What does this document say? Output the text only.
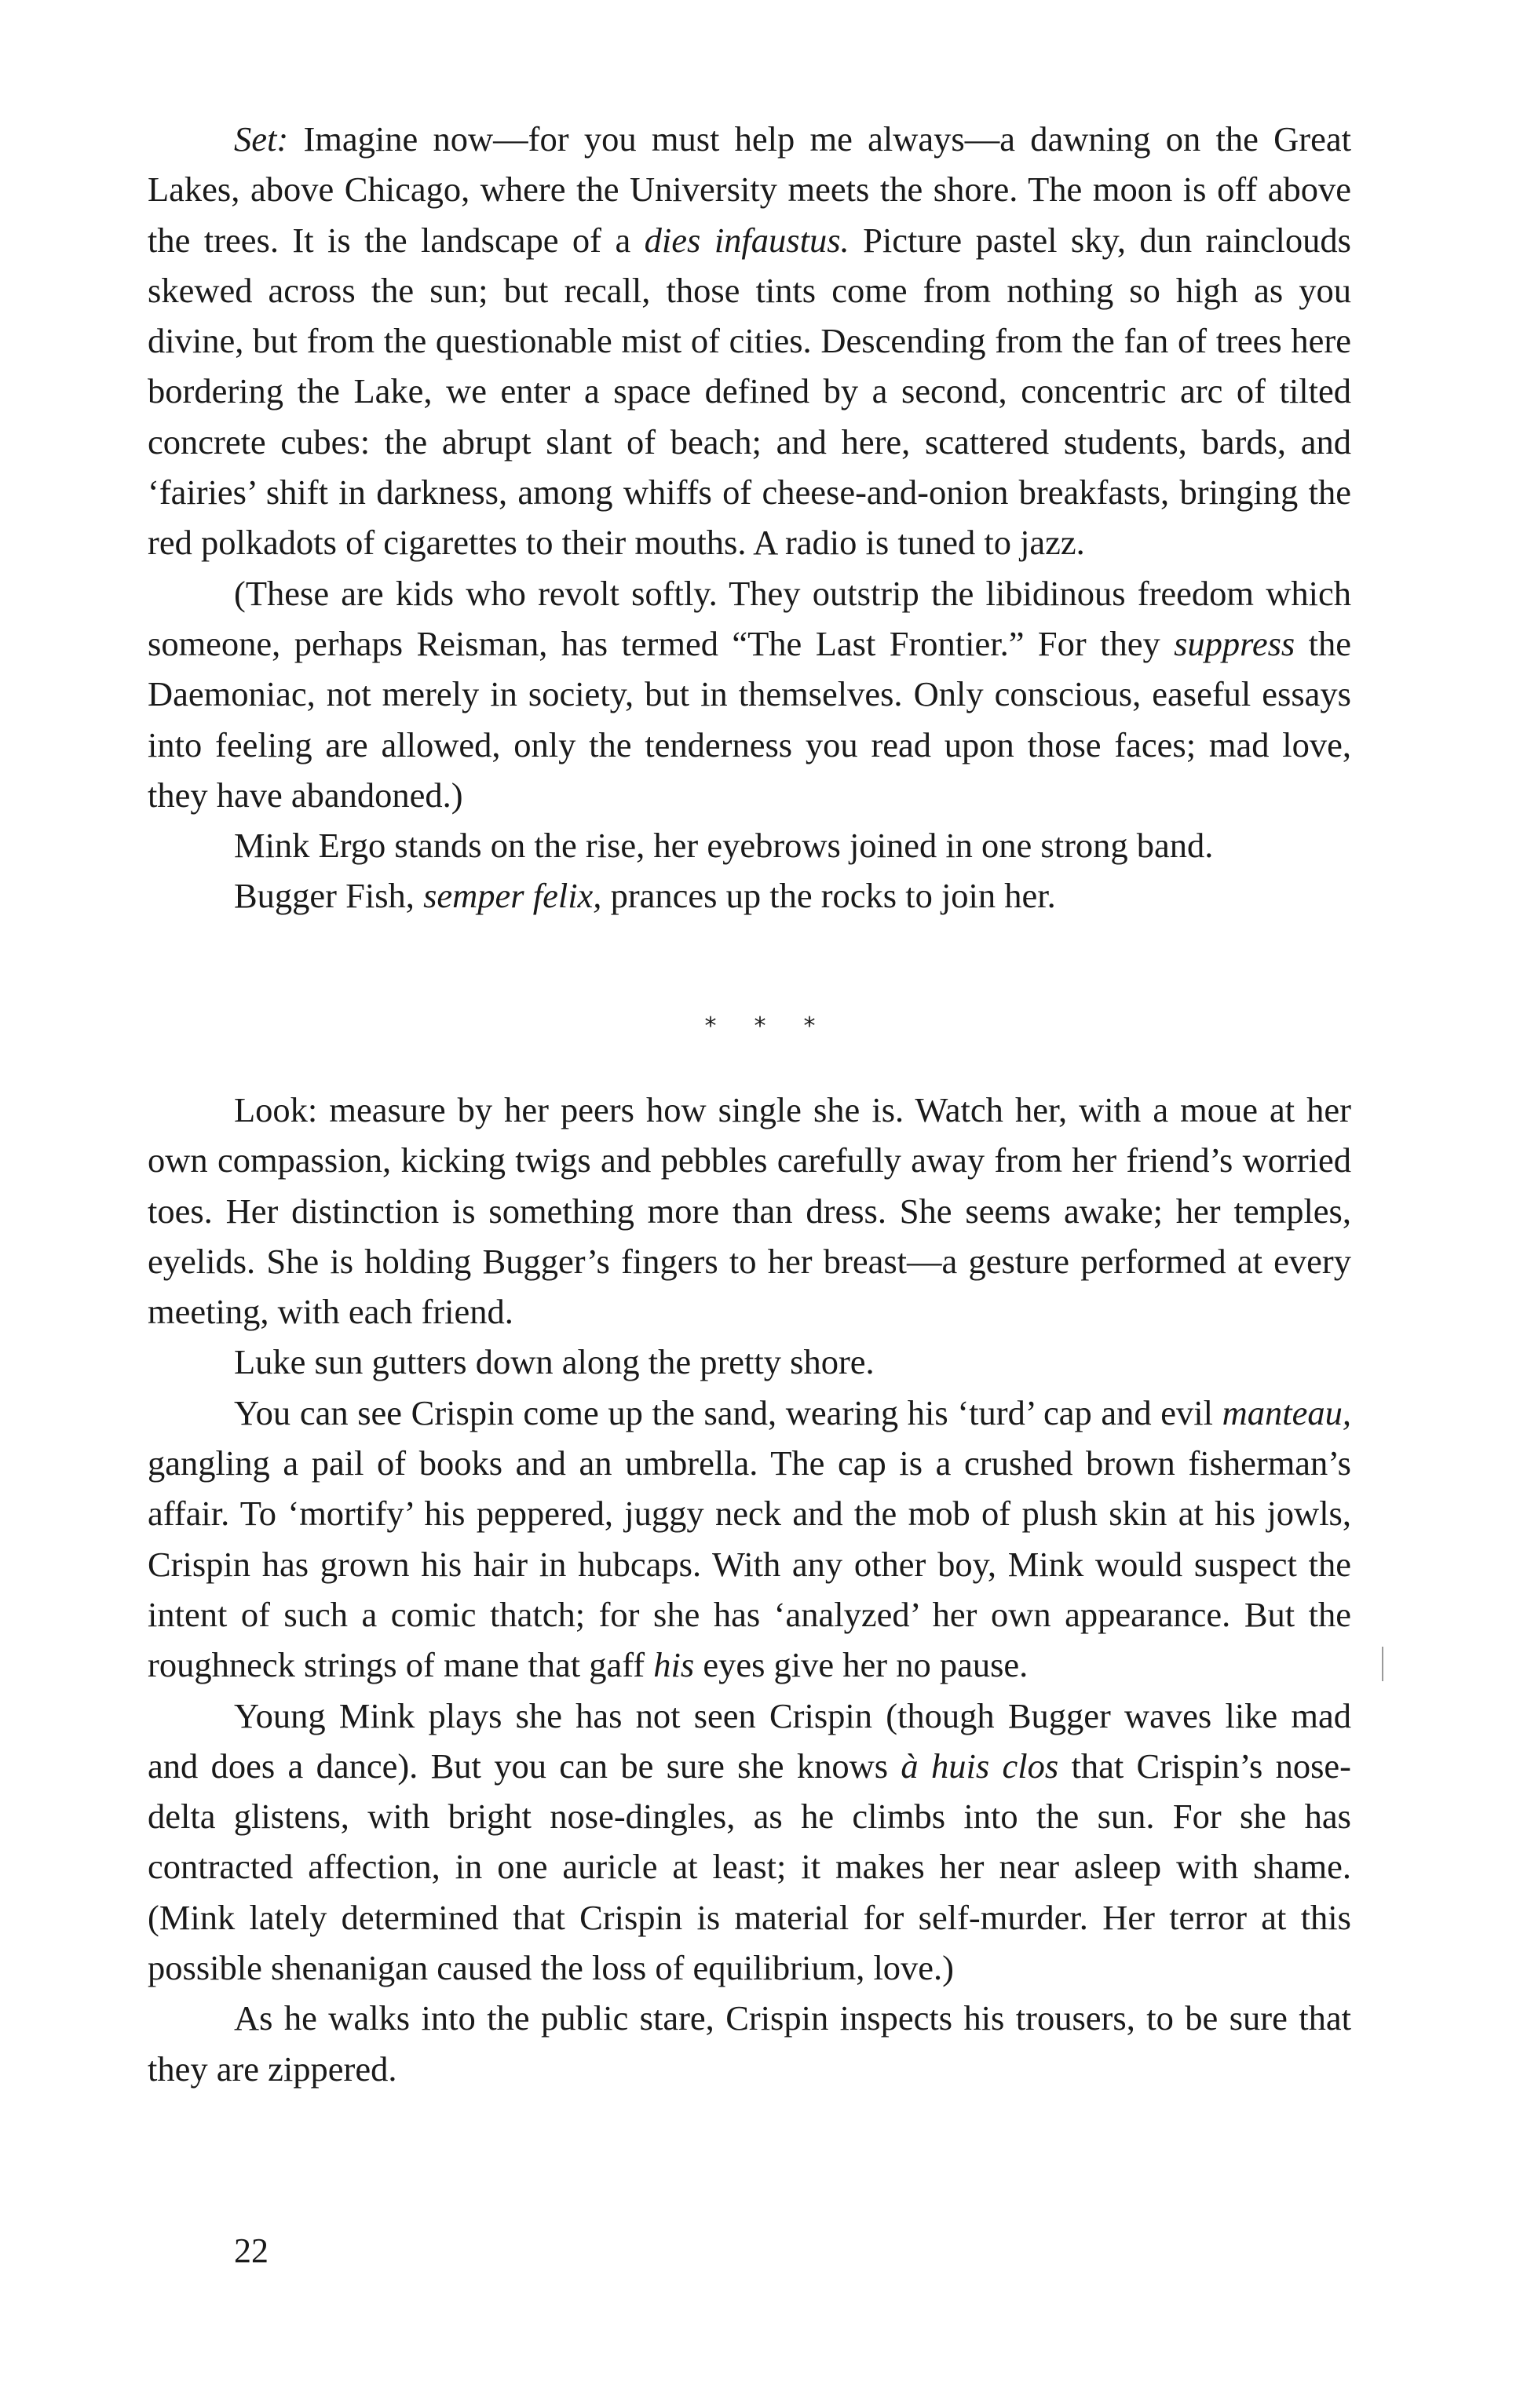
Set: Imagine now—for you must help me always—a dawning on the Great Lakes, above Chicago, where the University meets the shore. The moon is off above the trees. It is the landscape of a dies infaustus. Picture pastel sky, dun rainclouds skewed across the sun; but recall, those tints come from nothing so high as you divine, but from the questionable mist of cities. Descending from the fan of trees here bordering the Lake, we enter a space defined by a second, concentric arc of tilted concrete cubes: the abrupt slant of beach; and here, scattered students, bards, and ‘fairies’ shift in darkness, among whiffs of cheese-and-onion breakfasts, bringing the red polkadots of cigarettes to their mouths. A radio is tuned to jazz.

(These are kids who revolt softly. They outstrip the libidinous freedom which someone, perhaps Reisman, has termed “The Last Frontier.” For they suppress the Daemoniac, not merely in society, but in themselves. Only conscious, easeful essays into feeling are allowed, only the tenderness you read upon those faces; mad love, they have abandoned.)

Mink Ergo stands on the rise, her eyebrows joined in one strong band.

Bugger Fish, semper felix, prances up the rocks to join her.

* * *

Look: measure by her peers how single she is. Watch her, with a moue at her own compassion, kicking twigs and pebbles carefully away from her friend’s worried toes. Her distinction is something more than dress. She seems awake; her temples, eyelids. She is holding Bugger’s fingers to her breast—a gesture performed at every meeting, with each friend.

Luke sun gutters down along the pretty shore.

You can see Crispin come up the sand, wearing his ‘turd’ cap and evil manteau, gangling a pail of books and an umbrella. The cap is a crushed brown fisherman’s affair. To ‘mortify’ his peppered, juggy neck and the mob of plush skin at his jowls, Crispin has grown his hair in hubcaps. With any other boy, Mink would suspect the intent of such a comic thatch; for she has ‘analyzed’ her own appearance. But the roughneck strings of mane that gaff his eyes give her no pause.

Young Mink plays she has not seen Crispin (though Bugger waves like mad and does a dance). But you can be sure she knows à huis clos that Crispin’s nose-delta glistens, with bright nose-dingles, as he climbs into the sun. For she has contracted affection, in one auricle at least; it makes her near asleep with shame. (Mink lately determined that Crispin is material for self-murder. Her terror at this possible shenanigan caused the loss of equilibrium, love.)

As he walks into the public stare, Crispin inspects his trousers, to be sure that they are zippered.

22
